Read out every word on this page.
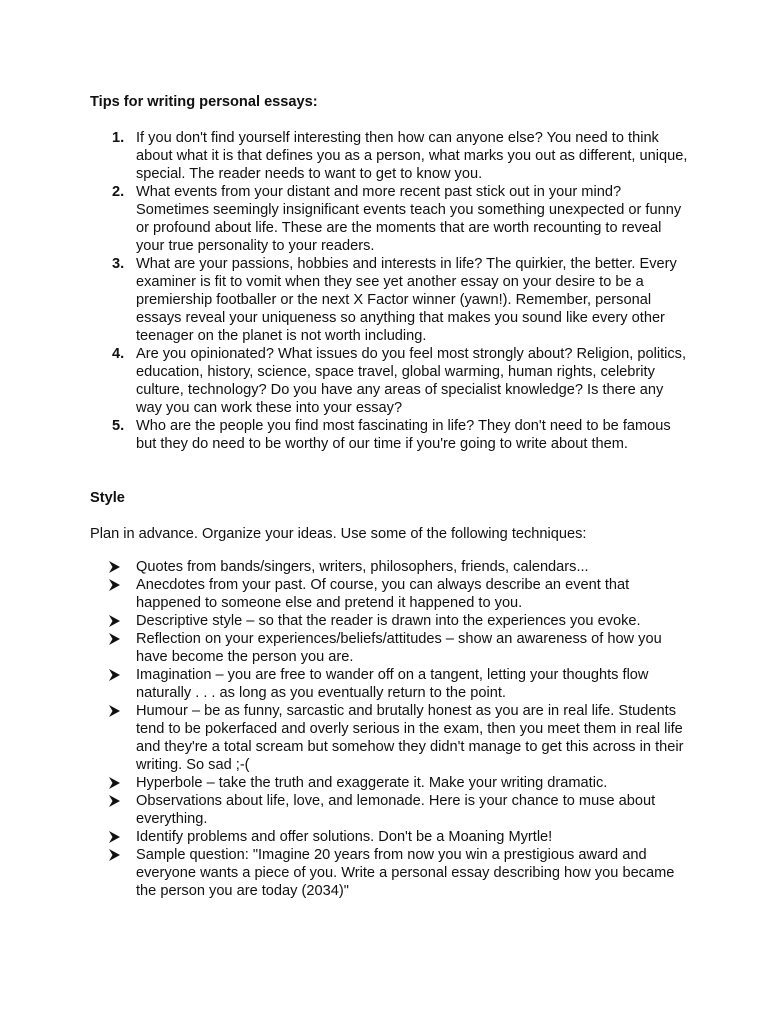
Tips for writing personal essays:

1. If you don't find yourself interesting then how can anyone else? You need to think about what it is that defines you as a person, what marks you out as different, unique, special. The reader needs to want to get to know you.
2. What events from your distant and more recent past stick out in your mind? Sometimes seemingly insignificant events teach you something unexpected or funny or profound about life. These are the moments that are worth recounting to reveal your true personality to your readers.
3. What are your passions, hobbies and interests in life? The quirkier, the better. Every examiner is fit to vomit when they see yet another essay on your desire to be a premiership footballer or the next X Factor winner (yawn!). Remember, personal essays reveal your uniqueness so anything that makes you sound like every other teenager on the planet is not worth including.
4. Are you opinionated? What issues do you feel most strongly about? Religion, politics, education, history, science, space travel, global warming, human rights, celebrity culture, technology? Do you have any areas of specialist knowledge? Is there any way you can work these into your essay?
5. Who are the people you find most fascinating in life? They don't need to be famous but they do need to be worthy of our time if you're going to write about them.

Style

Plan in advance. Organize your ideas. Use some of the following techniques:

Quotes from bands/singers, writers, philosophers, friends, calendars...
Anecdotes from your past. Of course, you can always describe an event that happened to someone else and pretend it happened to you.
Descriptive style – so that the reader is drawn into the experiences you evoke.
Reflection on your experiences/beliefs/attitudes – show an awareness of how you have become the person you are.
Imagination – you are free to wander off on a tangent, letting your thoughts flow naturally . . . as long as you eventually return to the point.
Humour – be as funny, sarcastic and brutally honest as you are in real life. Students tend to be pokerfaced and overly serious in the exam, then you meet them in real life and they're a total scream but somehow they didn't manage to get this across in their writing. So sad ;-(
Hyperbole – take the truth and exaggerate it. Make your writing dramatic.
Observations about life, love, and lemonade. Here is your chance to muse about everything.
Identify problems and offer solutions. Don't be a Moaning Myrtle!
Sample question: "Imagine 20 years from now you win a prestigious award and everyone wants a piece of you. Write a personal essay describing how you became the person you are today (2034)"
